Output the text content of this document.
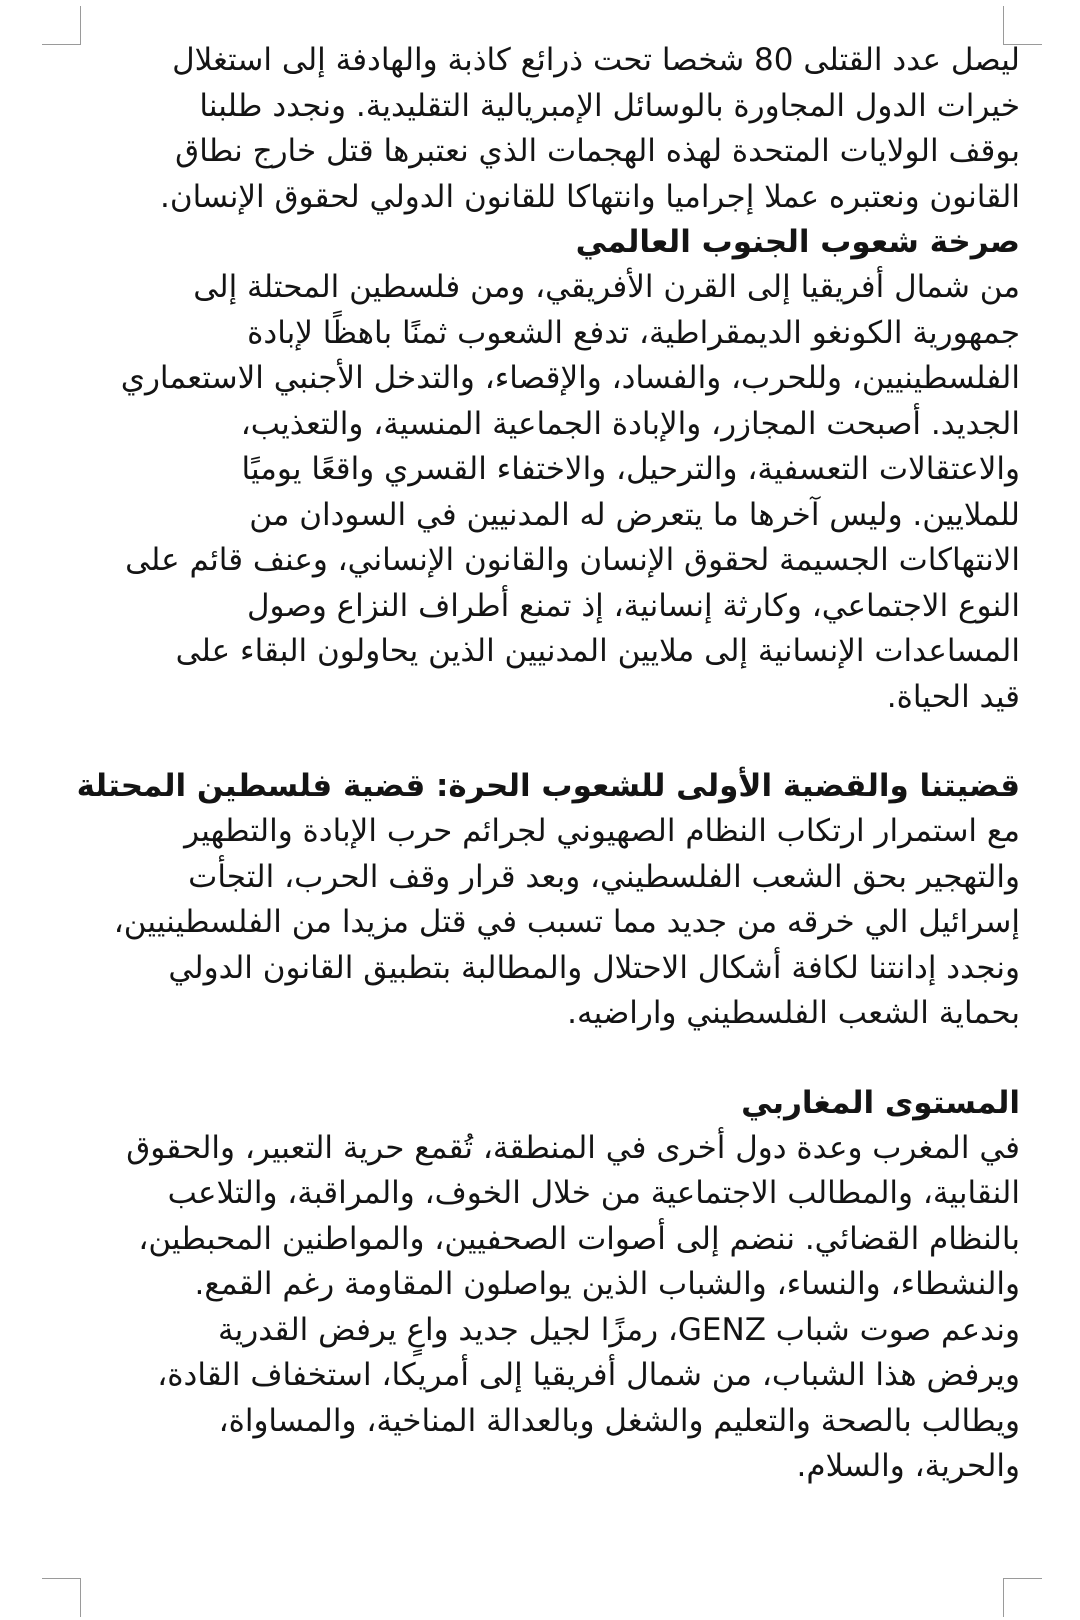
ليصل عدد القتلى 80 شخصا تحت ذرائع كاذبة والهادفة إلى استغلال
خيرات الدول المجاورة بالوسائل الإمبريالية التقليدية. ونجدد طلبنا
بوقف الولايات المتحدة لهذه الهجمات الذي نعتبرها قتل خارج نطاق
القانون ونعتبره عملا إجراميا وانتهاكا للقانون الدولي لحقوق الإنسان.
صرخة شعوب الجنوب العالمي
من شمال أفريقيا إلى القرن الأفريقي، ومن فلسطين المحتلة إلى
جمهورية الكونغو الديمقراطية، تدفع الشعوب ثمنًا باهظًا لإبادة
الفلسطينيين، وللحرب، والفساد، والإقصاء، والتدخل الأجنبي الاستعماري
الجديد. أصبحت المجازر، والإبادة الجماعية المنسية، والتعذيب،
والاعتقالات التعسفية، والترحيل، والاختفاء القسري واقعًا يوميًا
للملايين. وليس آخرها ما يتعرض له المدنيين في السودان من
الانتهاكات الجسيمة لحقوق الإنسان والقانون الإنساني، وعنف قائم على
النوع الاجتماعي، وكارثة إنسانية، إذ تمنع أطراف النزاع وصول
المساعدات الإنسانية إلى ملايين المدنيين الذين يحاولون البقاء على
قيد الحياة.
قضيتنا والقضية الأولى للشعوب الحرة: قضية فلسطين المحتلة
مع استمرار ارتكاب النظام الصهيوني لجرائم حرب الإبادة والتطهير
والتهجير بحق الشعب الفلسطيني، وبعد قرار وقف الحرب، التجأت
إسرائيل الي خرقه من جديد مما تسبب في قتل مزيدا من الفلسطينيين،
ونجدد إدانتنا لكافة أشكال الاحتلال والمطالبة بتطبيق القانون الدولي
بحماية الشعب الفلسطيني واراضيه.
المستوى المغاربي
في المغرب وعدة دول أخرى في المنطقة، تُقمع حرية التعبير، والحقوق
النقابية، والمطالب الاجتماعية من خلال الخوف، والمراقبة، والتلاعب
بالنظام القضائي. ننضم إلى أصوات الصحفيين، والمواطنين المحبطين،
والنشطاء، والنساء، والشباب الذين يواصلون المقاومة رغم القمع.
وندعم صوت شباب GENZ، رمزًا لجيل جديد واعٍ يرفض القدرية
ويرفض هذا الشباب، من شمال أفريقيا إلى أمريكا، استخفاف القادة،
ويطالب بالصحة والتعليم والشغل وبالعدالة المناخية، والمساواة،
والحرية، والسلام.
